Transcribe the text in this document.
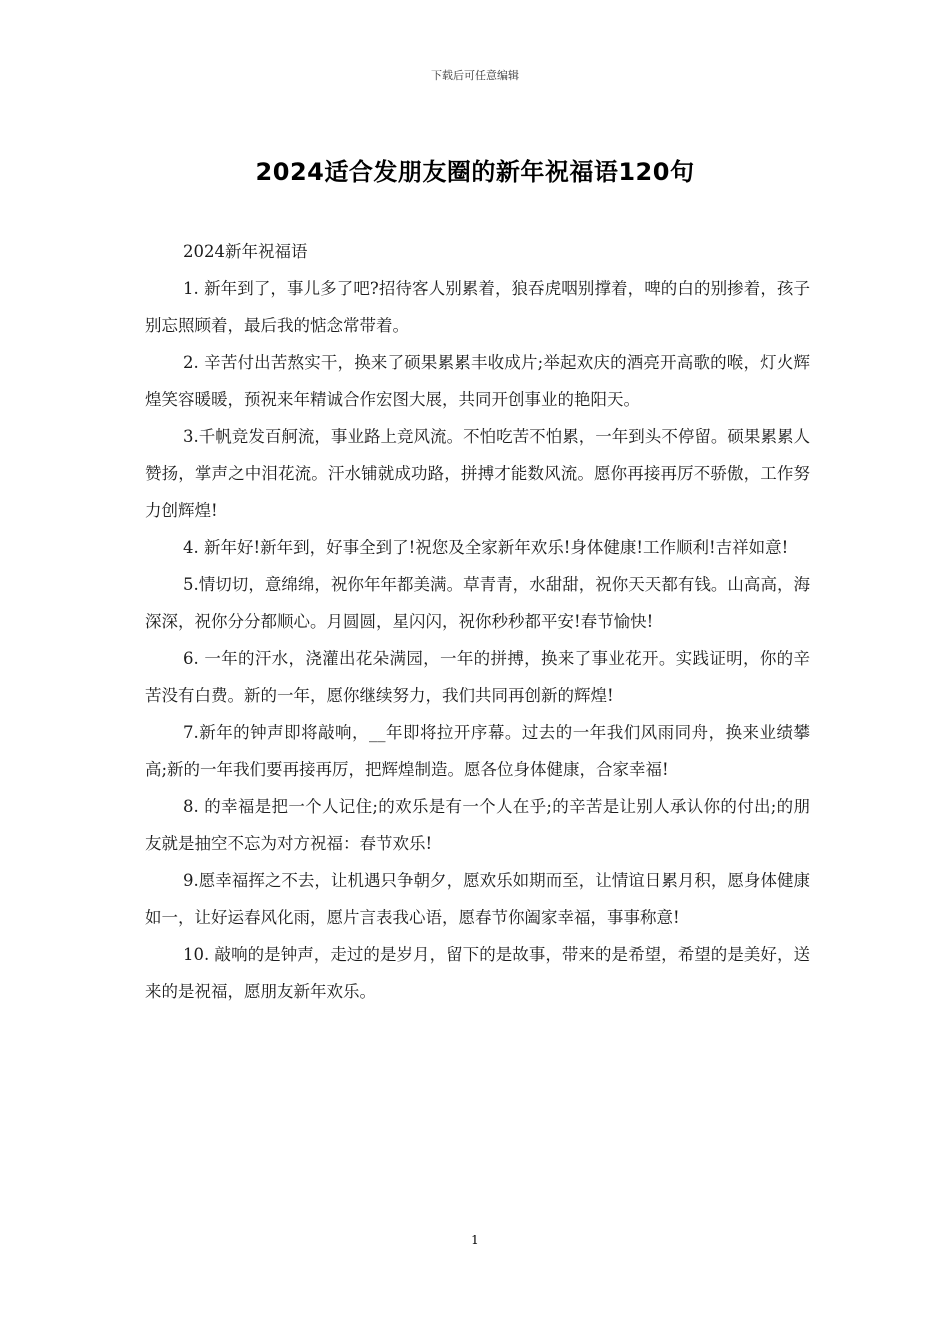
下载后可任意编辑
2024适合发朋友圈的新年祝福语120句

2024新年祝福语

1. 新年到了，事儿多了吧?招待客人别累着，狼吞虎咽别撑着，啤的白的别掺着，孩子别忘照顾着，最后我的惦念常带着。

2. 辛苦付出苦熬实干，换来了硕果累累丰收成片;举起欢庆的酒亮开高歌的喉，灯火辉煌笑容暖暖，预祝来年精诚合作宏图大展，共同开创事业的艳阳天。

3.千帆竞发百舸流，事业路上竞风流。不怕吃苦不怕累，一年到头不停留。硕果累累人赞扬，掌声之中泪花流。汗水铺就成功路，拼搏才能数风流。愿你再接再厉不骄傲，工作努力创辉煌!

4. 新年好!新年到，好事全到了!祝您及全家新年欢乐!身体健康!工作顺利!吉祥如意!

5.情切切，意绵绵，祝你年年都美满。草青青，水甜甜，祝你天天都有钱。山高高，海深深，祝你分分都顺心。月圆圆，星闪闪，祝你秒秒都平安!春节愉快!

6. 一年的汗水，浇灌出花朵满园，一年的拼搏，换来了事业花开。实践证明，你的辛苦没有白费。新的一年，愿你继续努力，我们共同再创新的辉煌!

7.新年的钟声即将敲响，__年即将拉开序幕。过去的一年我们风雨同舟，换来业绩攀高;新的一年我们要再接再厉，把辉煌制造。愿各位身体健康，合家幸福!

8. 的幸福是把一个人记住;的欢乐是有一个人在乎;的辛苦是让别人承认你的付出;的朋友就是抽空不忘为对方祝福：春节欢乐!

9.愿幸福挥之不去，让机遇只争朝夕，愿欢乐如期而至，让情谊日累月积，愿身体健康如一，让好运春风化雨，愿片言表我心语，愿春节你阖家幸福，事事称意!

10. 敲响的是钟声，走过的是岁月，留下的是故事，带来的是希望，希望的是美好，送来的是祝福，愿朋友新年欢乐。

1
